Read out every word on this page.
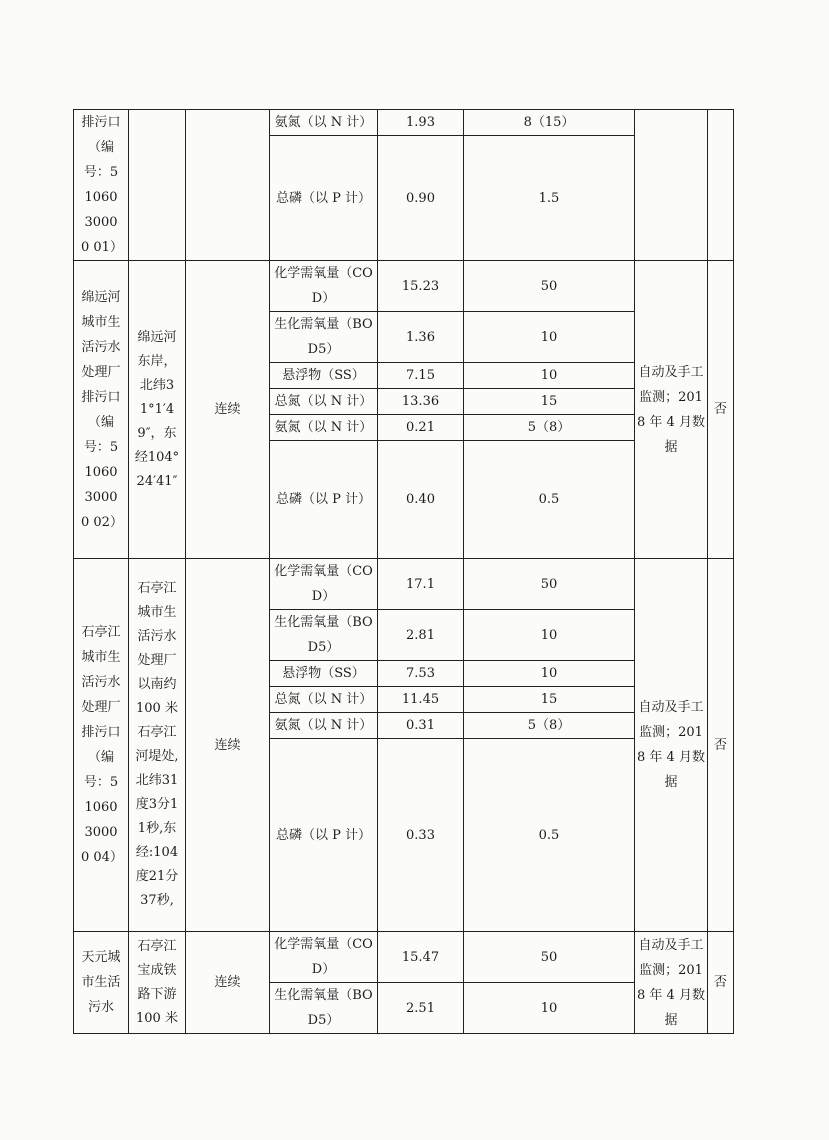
排污口（编号：5106030000 01）			氨氮（以 N 计）	1.93	8（15）		
			总磷（以 P 计）	0.90	1.5		
绵远河城市生活污水处理厂排污口（编号：5106030000 02）	绵远河东岸，北纬31°1′49″，东经104°24′41″	连续	化学需氧量（COD）	15.23	50	自动及手工监测；2018 年 4 月数据	否
			生化需氧量（BOD5）	1.36	10		
			悬浮物（SS）	7.15	10		
			总氮（以 N 计）	13.36	15		
			氨氮（以 N 计）	0.21	5（8）		
			总磷（以 P 计）	0.40	0.5		
石亭江城市生活污水处理厂排污口（编号：5106030000 04）	石亭江城市生活污水处理厂以南约 100 米石亭江河堤处,北纬31度3分11秒,东经:104度21分37秒,	连续	化学需氧量（COD）	17.1	50	自动及手工监测；2018 年 4 月数据	否
			生化需氧量（BOD5）	2.81	10		
			悬浮物（SS）	7.53	10		
			总氮（以 N 计）	11.45	15		
			氨氮（以 N 计）	0.31	5（8）		
			总磷（以 P 计）	0.33	0.5		
天元城市生活污水	石亭江宝成铁路下游 100 米	连续	化学需氧量（COD）	15.47	50	自动及手工监测；2018 年 4 月数据	否
			生化需氧量（BOD5）	2.51	10		
